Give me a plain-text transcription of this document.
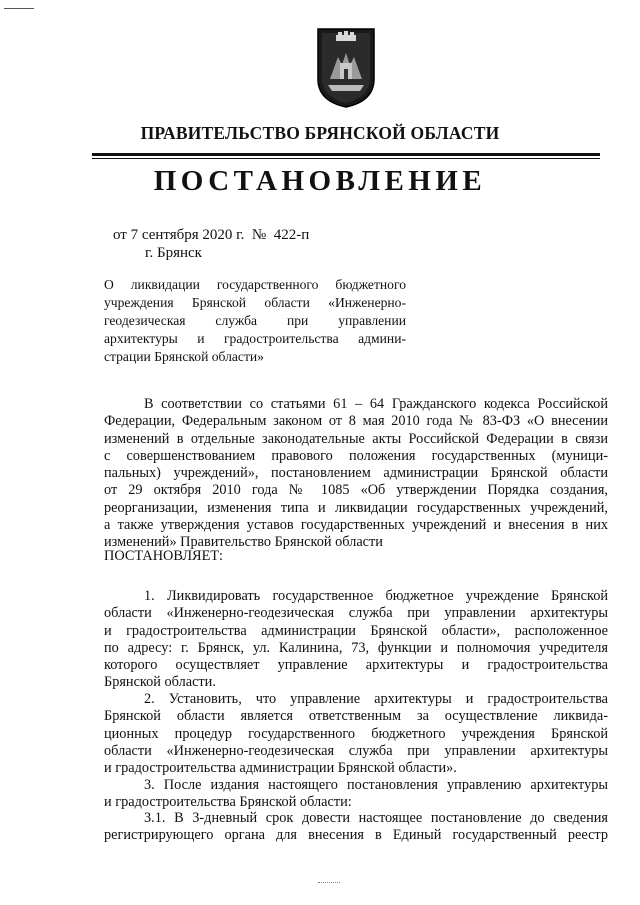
ПРАВИТЕЛЬСТВО БРЯНСКОЙ ОБЛАСТИ
ПОСТАНОВЛЕНИЕ
от 7 сентября 2020 г.  №  422-п
г. Брянск
О ликвидации государственного бюджетного
учреждения Брянской области «Инженерно-
геодезическая служба при управлении
архитектуры и градостроительства админи-
страции Брянской области»
В соответствии со статьями 61 – 64 Гражданского кодекса Российской
Федерации, Федеральным законом от 8 мая 2010 года № 83-ФЗ «О внесении
изменений в отдельные законодательные акты Российской Федерации в связи
с совершенствованием правового положения государственных (муници-
пальных) учреждений», постановлением администрации Брянской области
от 29 октября 2010 года № 1085 «Об утверждении Порядка создания,
реорганизации, изменения типа и ликвидации государственных учреждений,
а также утверждения уставов государственных учреждений и внесения в них
изменений» Правительство Брянской области
ПОСТАНОВЛЯЕТ:
1. Ликвидировать государственное бюджетное учреждение Брянской
области «Инженерно-геодезическая служба при управлении архитектуры
и градостроительства администрации Брянской области», расположенное
по адресу: г. Брянск, ул. Калинина, 73, функции и полномочия учредителя
которого осуществляет управление архитектуры и градостроительства
Брянской области.
2. Установить, что управление архитектуры и градостроительства
Брянской области является ответственным за осуществление ликвида-
ционных процедур государственного бюджетного учреждения Брянской
области «Инженерно-геодезическая служба при управлении архитектуры
и градостроительства администрации Брянской области».
3. После издания настоящего постановления управлению архитектуры
и градостроительства Брянской области:
3.1. В 3-дневный срок довести настоящее постановление до сведения
регистрирующего органа для внесения в Единый государственный реестр
